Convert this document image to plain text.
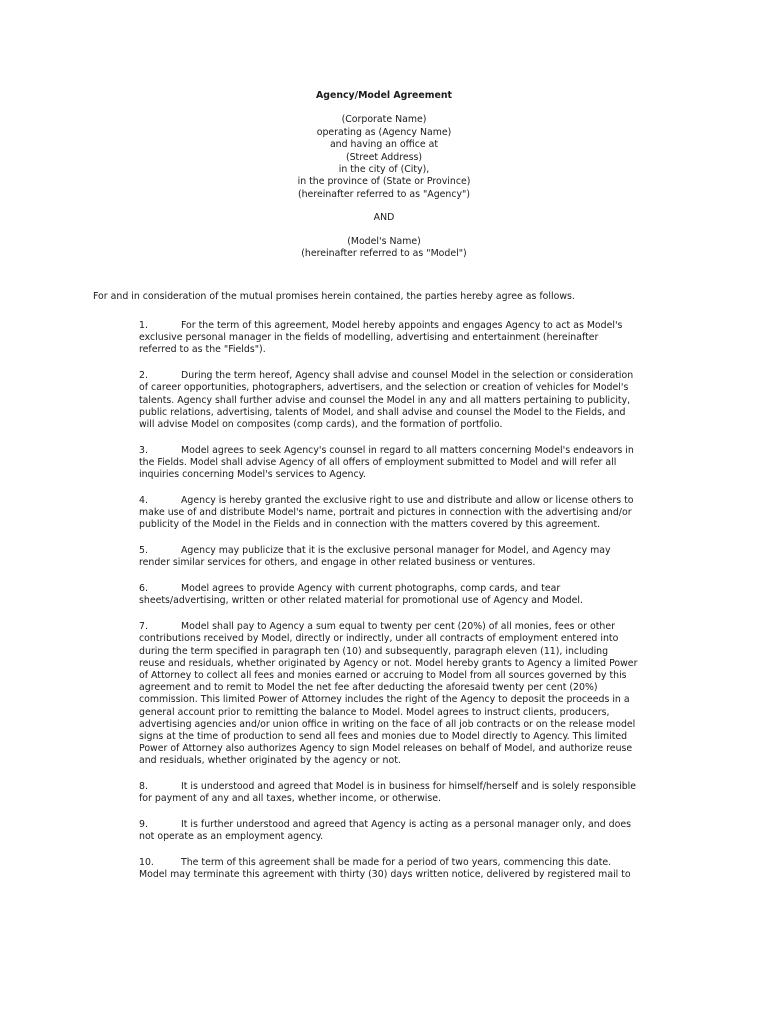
Agency/Model Agreement
(Corporate Name)
operating as (Agency Name)
and having an office at
(Street Address)
in the city of (City),
in the province of (State or Province)
(hereinafter referred to as "Agency")
AND
(Model's Name)
(hereinafter referred to as "Model")
For and in consideration of the mutual promises herein contained, the parties hereby agree as follows.
1.	For the term of this agreement, Model hereby appoints and engages Agency to act as Model's
exclusive personal manager in the fields of modelling, advertising and entertainment (hereinafter
referred to as the "Fields").
2.	During the term hereof, Agency shall advise and counsel Model in the selection or consideration
of career opportunities, photographers, advertisers, and the selection or creation of vehicles for Model's
talents. Agency shall further advise and counsel the Model in any and all matters pertaining to publicity,
public relations, advertising, talents of Model, and shall advise and counsel the Model to the Fields, and
will advise Model on composites (comp cards), and the formation of portfolio.
3.	Model agrees to seek Agency's counsel in regard to all matters concerning Model's endeavors in
the Fields. Model shall advise Agency of all offers of employment submitted to Model and will refer all
inquiries concerning Model's services to Agency.
4.	Agency is hereby granted the exclusive right to use and distribute and allow or license others to
make use of and distribute Model's name, portrait and pictures in connection with the advertising and/or
publicity of the Model in the Fields and in connection with the matters covered by this agreement.
5.	Agency may publicize that it is the exclusive personal manager for Model, and Agency may
render similar services for others, and engage in other related business or ventures.
6.	Model agrees to provide Agency with current photographs, comp cards, and tear
sheets/advertising, written or other related material for promotional use of Agency and Model.
7.	Model shall pay to Agency a sum equal to twenty per cent (20%) of all monies, fees or other
contributions received by Model, directly or indirectly, under all contracts of employment entered into
during the term specified in paragraph ten (10) and subsequently, paragraph eleven (11), including
reuse and residuals, whether originated by Agency or not. Model hereby grants to Agency a limited Power
of Attorney to collect all fees and monies earned or accruing to Model from all sources governed by this
agreement and to remit to Model the net fee after deducting the aforesaid twenty per cent (20%)
commission. This limited Power of Attorney includes the right of the Agency to deposit the proceeds in a
general account prior to remitting the balance to Model. Model agrees to instruct clients, producers,
advertising agencies and/or union office in writing on the face of all job contracts or on the release model
signs at the time of production to send all fees and monies due to Model directly to Agency. This limited
Power of Attorney also authorizes Agency to sign Model releases on behalf of Model, and authorize reuse
and residuals, whether originated by the agency or not.
8.	It is understood and agreed that Model is in business for himself/herself and is solely responsible
for payment of any and all taxes, whether income, or otherwise.
9.	It is further understood and agreed that Agency is acting as a personal manager only, and does
not operate as an employment agency.
10.	The term of this agreement shall be made for a period of two years, commencing this date.
Model may terminate this agreement with thirty (30) days written notice, delivered by registered mail to
